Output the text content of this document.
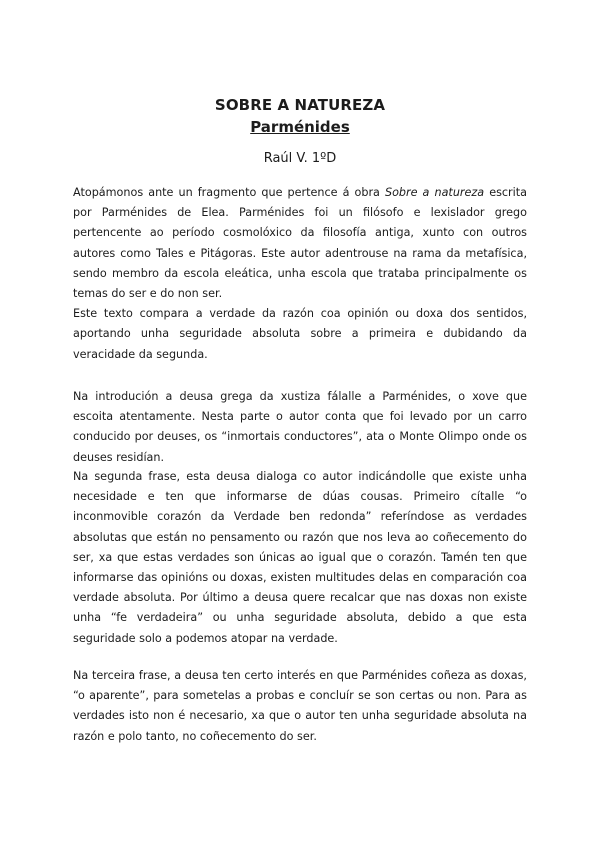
SOBRE A NATUREZA
Parménides
Raúl V. 1ºD

Atopámonos ante un fragmento que pertence á obra Sobre a natureza escrita por Parménides de Elea. Parménides foi un filósofo e lexislador grego pertencente ao período cosmolóxico da filosofía antiga, xunto con outros autores como Tales e Pitágoras. Este autor adentrouse na rama da metafísica, sendo membro da escola eleática, unha escola que trataba principalmente os temas do ser e do non ser.
Este texto compara a verdade da razón coa opinión ou doxa dos sentidos, aportando unha seguridade absoluta sobre a primeira e dubidando da veracidade da segunda.

Na introdución a deusa grega da xustiza fálalle a Parménides, o xove que escoita atentamente. Nesta parte o autor conta que foi levado por un carro conducido por deuses, os “inmortais conductores”, ata o Monte Olimpo onde os deuses residían.

Na segunda frase, esta deusa dialoga co autor indicándolle que existe unha necesidade e ten que informarse de dúas cousas. Primeiro cítalle “o inconmovible corazón da Verdade ben redonda” referíndose as verdades absolutas que están no pensamento ou razón que nos leva ao coñecemento do ser, xa que estas verdades son únicas ao igual que o corazón. Tamén ten que informarse das opinións ou doxas, existen multitudes delas en comparación coa verdade absoluta. Por último a deusa quere recalcar que nas doxas non existe unha “fe verdadeira” ou unha seguridade absoluta, debido a que esta seguridade solo a podemos atopar na verdade.

Na terceira frase, a deusa ten certo interés en que Parménides coñeza as doxas, “o aparente”, para sometelas a probas e concluír se son certas ou non. Para as verdades isto non é necesario, xa que o autor ten unha seguridade absoluta na razón e polo tanto, no coñecemento do ser.
